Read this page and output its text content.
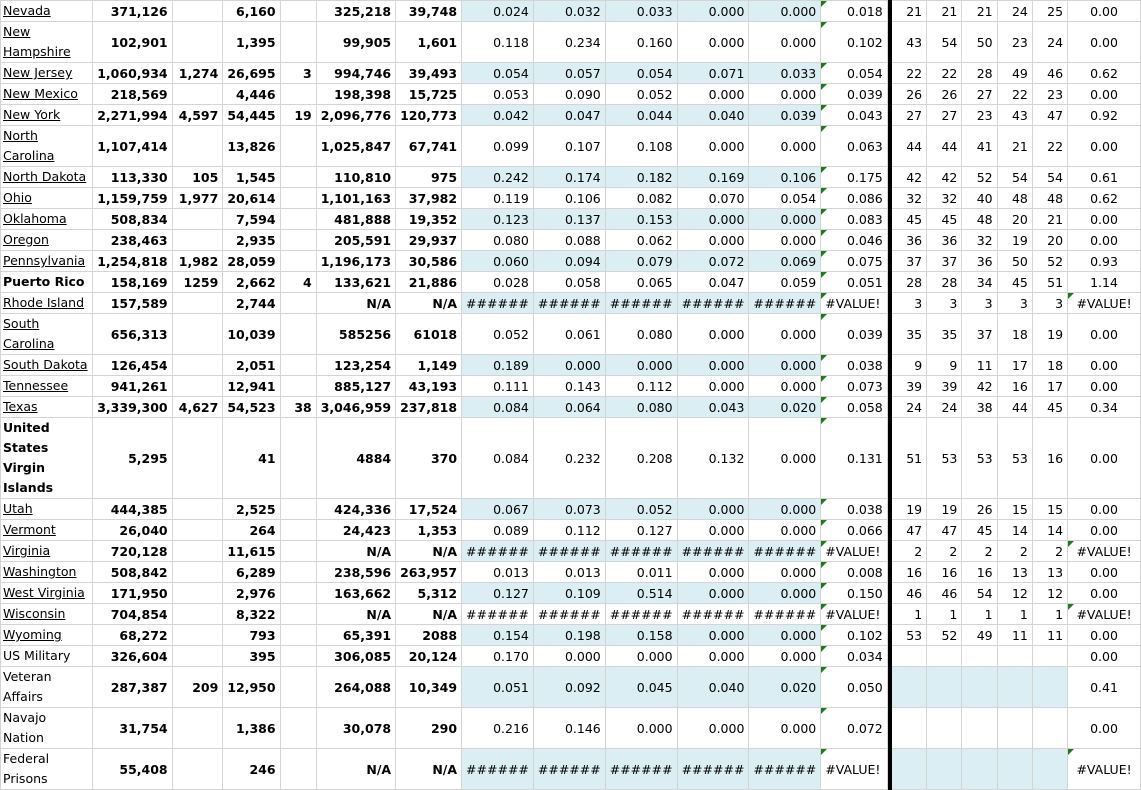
Nevada	371,126		6,160		325,218	39,748	0.024	0.032	0.033	0.000	0.000	0.018		21	21	21	24	25	0.00
New Hampshire	102,901		1,395		99,905	1,601	0.118	0.234	0.160	0.000	0.000	0.102		43	54	50	23	24	0.00
New Jersey	1,060,934	1,274	26,695	3	994,746	39,493	0.054	0.057	0.054	0.071	0.033	0.054		22	22	28	49	46	0.62
New Mexico	218,569		4,446		198,398	15,725	0.053	0.090	0.052	0.000	0.000	0.039		26	26	27	22	23	0.00
New York	2,271,994	4,597	54,445	19	2,096,776	120,773	0.042	0.047	0.044	0.040	0.039	0.043		27	27	23	43	47	0.92
North Carolina	1,107,414		13,826		1,025,847	67,741	0.099	0.107	0.108	0.000	0.000	0.063		44	44	41	21	22	0.00
North Dakota	113,330	105	1,545		110,810	975	0.242	0.174	0.182	0.169	0.106	0.175		42	42	52	54	54	0.61
Ohio	1,159,759	1,977	20,614		1,101,163	37,982	0.119	0.106	0.082	0.070	0.054	0.086		32	32	40	48	48	0.62
Oklahoma	508,834		7,594		481,888	19,352	0.123	0.137	0.153	0.000	0.000	0.083		45	45	48	20	21	0.00
Oregon	238,463		2,935		205,591	29,937	0.080	0.088	0.062	0.000	0.000	0.046		36	36	32	19	20	0.00
Pennsylvania	1,254,818	1,982	28,059		1,196,173	30,586	0.060	0.094	0.079	0.072	0.069	0.075		37	37	36	50	52	0.93
Puerto Rico	158,169	1259	2,662	4	133,621	21,886	0.028	0.058	0.065	0.047	0.059	0.051		28	28	34	45	51	1.14
Rhode Island	157,589		2,744		N/A	N/A	######	######	######	######	######	#VALUE!		3	3	3	3	3	#VALUE!
South Carolina	656,313		10,039		585256	61018	0.052	0.061	0.080	0.000	0.000	0.039		35	35	37	18	19	0.00
South Dakota	126,454		2,051		123,254	1,149	0.189	0.000	0.000	0.000	0.000	0.038		9	9	11	17	18	0.00
Tennessee	941,261		12,941		885,127	43,193	0.111	0.143	0.112	0.000	0.000	0.073		39	39	42	16	17	0.00
Texas	3,339,300	4,627	54,523	38	3,046,959	237,818	0.084	0.064	0.080	0.043	0.020	0.058		24	24	38	44	45	0.34
United States Virgin Islands	5,295		41		4884	370	0.084	0.232	0.208	0.132	0.000	0.131		51	53	53	53	16	0.00
Utah	444,385		2,525		424,336	17,524	0.067	0.073	0.052	0.000	0.000	0.038		19	19	26	15	15	0.00
Vermont	26,040		264		24,423	1,353	0.089	0.112	0.127	0.000	0.000	0.066		47	47	45	14	14	0.00
Virginia	720,128		11,615		N/A	N/A	######	######	######	######	######	#VALUE!		2	2	2	2	2	#VALUE!
Washington	508,842		6,289		238,596	263,957	0.013	0.013	0.011	0.000	0.000	0.008		16	16	16	13	13	0.00
West Virginia	171,950		2,976		163,662	5,312	0.127	0.109	0.514	0.000	0.000	0.150		46	46	54	12	12	0.00
Wisconsin	704,854		8,322		N/A	N/A	######	######	######	######	######	#VALUE!		1	1	1	1	1	#VALUE!
Wyoming	68,272		793		65,391	2088	0.154	0.198	0.158	0.000	0.000	0.102		53	52	49	11	11	0.00
US Military	326,604		395		306,085	20,124	0.170	0.000	0.000	0.000	0.000	0.034							0.00
Veteran Affairs	287,387	209	12,950		264,088	10,349	0.051	0.092	0.045	0.040	0.020	0.050							0.41
Navajo Nation	31,754		1,386		30,078	290	0.216	0.146	0.000	0.000	0.000	0.072							0.00
Federal Prisons	55,408		246		N/A	N/A	######	######	######	######	######	#VALUE!							#VALUE!
